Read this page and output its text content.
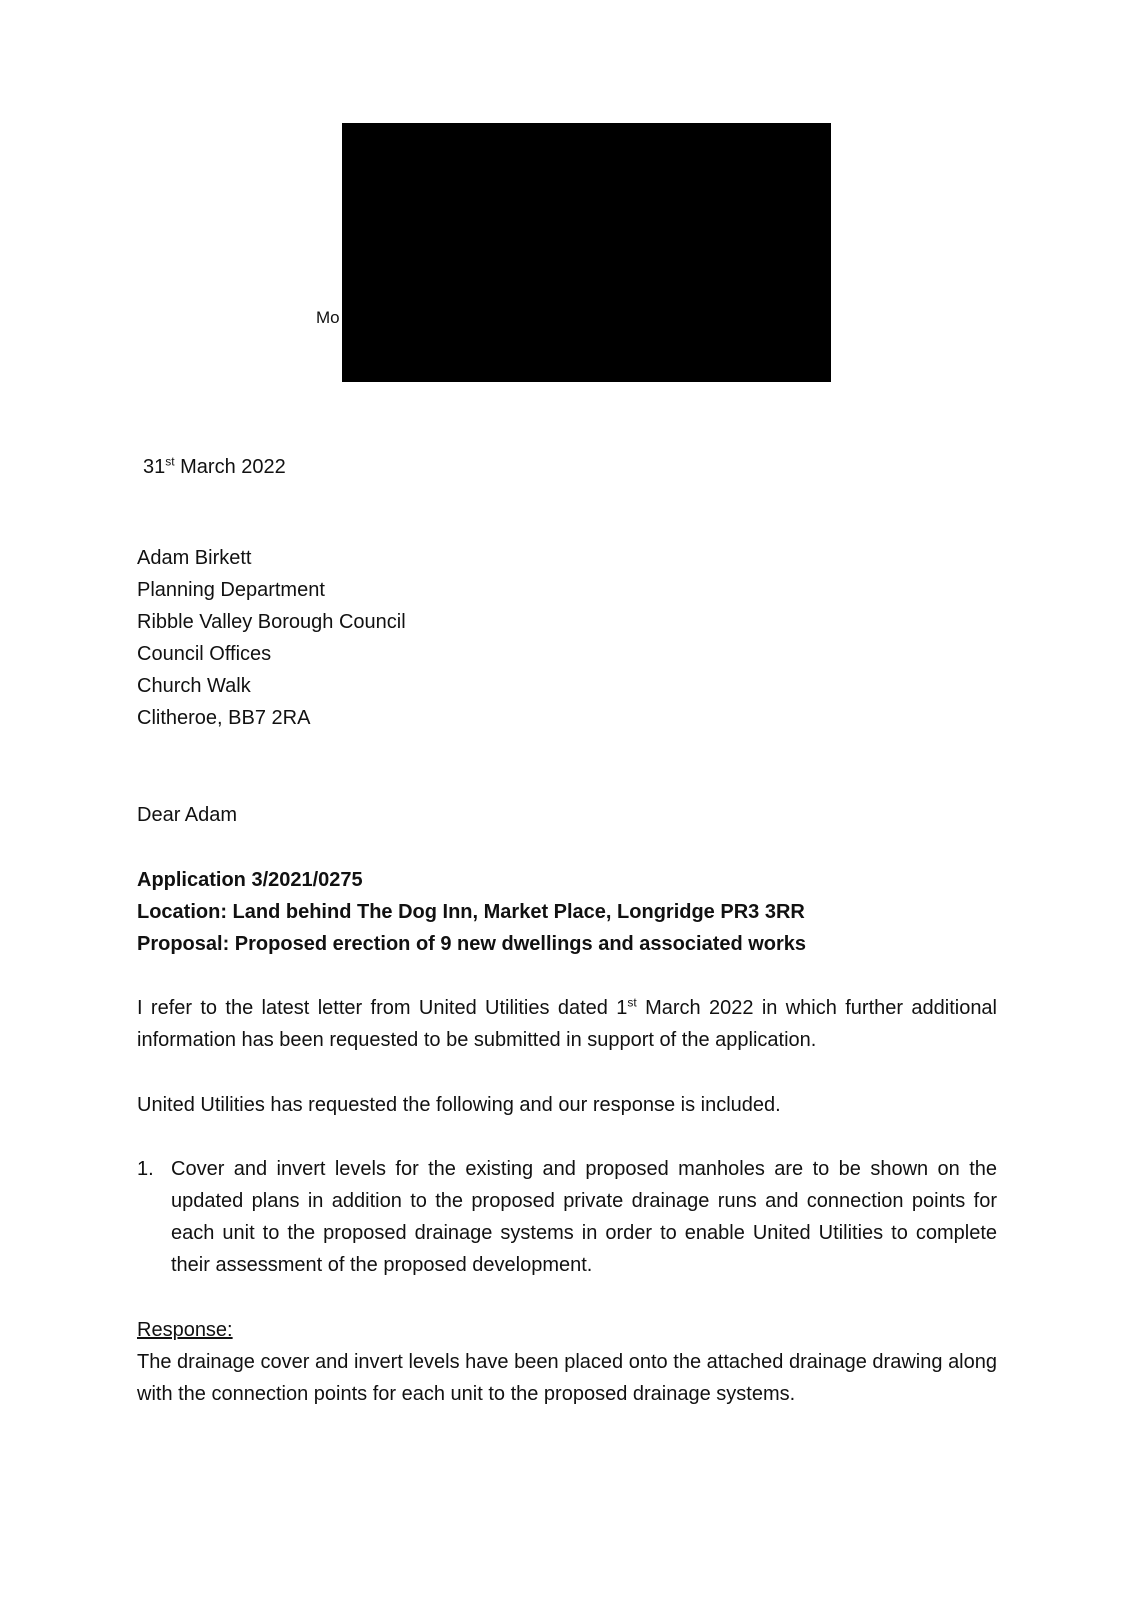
Mo
31st March 2022
Adam Birkett
Planning Department
Ribble Valley Borough Council
Council Offices
Church Walk
Clitheroe, BB7 2RA
Dear Adam
Application 3/2021/0275
Location: Land behind The Dog Inn, Market Place, Longridge PR3 3RR
Proposal: Proposed erection of 9 new dwellings and associated works
I refer to the latest letter from United Utilities dated 1st March 2022 in which further additional information has been requested to be submitted in support of the application.
United Utilities has requested the following and our response is included.
1. Cover and invert levels for the existing and proposed manholes are to be shown on the updated plans in addition to the proposed private drainage runs and connection points for each unit to the proposed drainage systems in order to enable United Utilities to complete their assessment of the proposed development.
Response:
The drainage cover and invert levels have been placed onto the attached drainage drawing along with the connection points for each unit to the proposed drainage systems.
